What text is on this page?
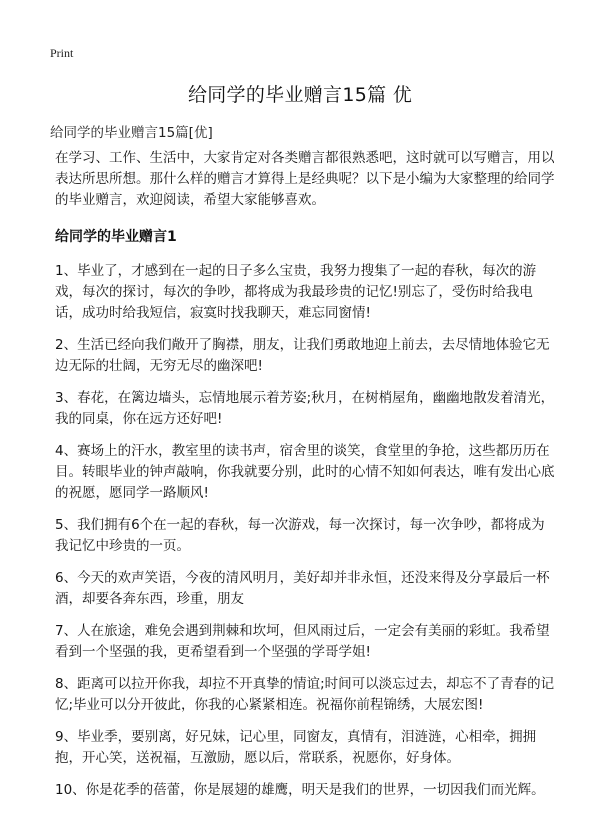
Print
给同学的毕业赠言15篇 优
给同学的毕业赠言15篇[优]

在学习、工作、生活中，大家肯定对各类赠言都很熟悉吧，这时就可以写赠言，用以表达所思所想。那什么样的赠言才算得上是经典呢？以下是小编为大家整理的给同学的毕业赠言，欢迎阅读，希望大家能够喜欢。

给同学的毕业赠言1

1、毕业了，才感到在一起的日子多么宝贵，我努力搜集了一起的春秋，每次的游戏，每次的探讨，每次的争吵，都将成为我最珍贵的记忆!别忘了，受伤时给我电话，成功时给我短信，寂寞时找我聊天，难忘同窗情!

2、生活已经向我们敞开了胸襟，朋友，让我们勇敢地迎上前去，去尽情地体验它无边无际的壮阔，无穷无尽的幽深吧!

3、春花，在篱边墙头，忘情地展示着芳姿;秋月，在树梢屋角，幽幽地散发着清光，我的同桌，你在远方还好吧!

4、赛场上的汗水，教室里的读书声，宿舍里的谈笑，食堂里的争抢，这些都历历在目。转眼毕业的钟声敲响，你我就要分别，此时的心情不知如何表达，唯有发出心底的祝愿，愿同学一路顺风!

5、我们拥有6个在一起的春秋，每一次游戏，每一次探讨，每一次争吵，都将成为我记忆中珍贵的一页。

6、今天的欢声笑语，今夜的清风明月，美好却并非永恒，还没来得及分享最后一杯酒，却要各奔东西，珍重，朋友

7、人在旅途，难免会遇到荆棘和坎坷，但风雨过后，一定会有美丽的彩虹。我希望看到一个坚强的我，更希望看到一个坚强的学哥学姐!

8、距离可以拉开你我，却拉不开真挚的情谊;时间可以淡忘过去，却忘不了青春的记忆;毕业可以分开彼此，你我的心紧紧相连。祝福你前程锦绣，大展宏图!

9、毕业季，要别离，好兄妹，记心里，同窗友，真情有，泪涟涟，心相牵，拥拥抱，开心笑，送祝福，互激励，愿以后，常联系，祝愿你，好身体。

10、你是花季的蓓蕾，你是展翅的雄鹰，明天是我们的世界，一切因我们而光辉。
